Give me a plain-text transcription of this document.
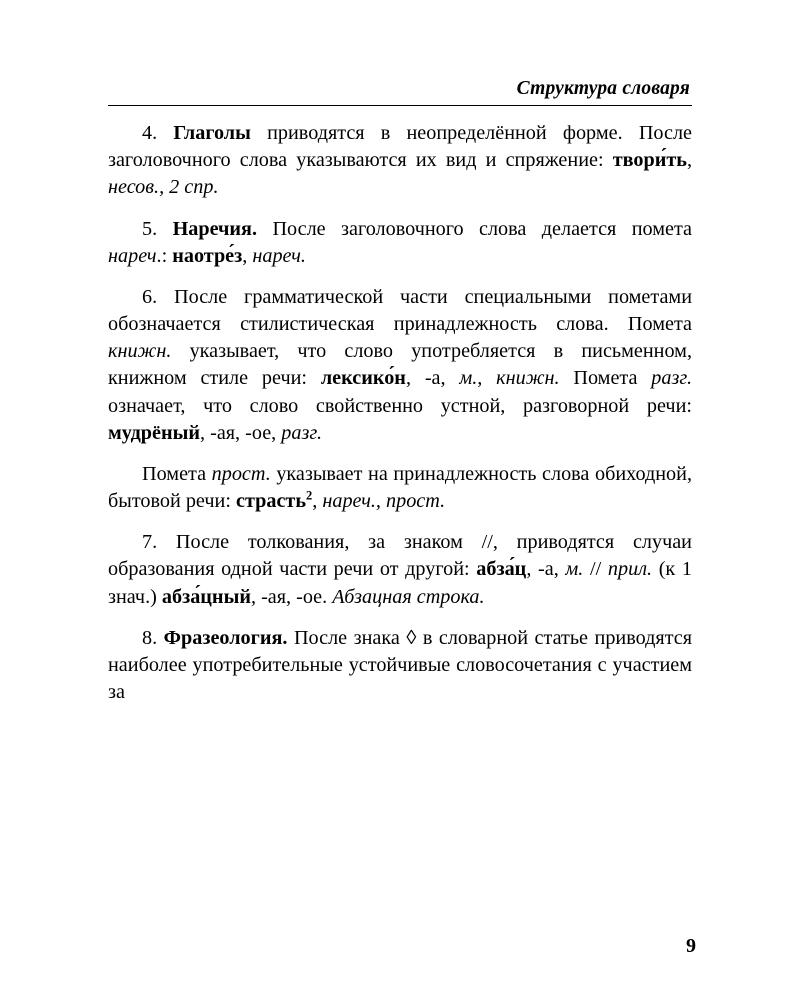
Структура словаря

4. Глаголы приводятся в неопределённой форме. После заголовочного слова указываются их вид и спряжение: твори́ть, несов., 2 спр.

5. Наречия. После заголовочного слова делается помета нареч.: наотре́з, нареч.

6. После грамматической части специальными пометами обозначается стилистическая принадлежность слова. Помета книжн. указывает, что слово употребляется в письменном, книжном стиле речи: лексико́н, -а, м., книжн. Помета разг. означает, что слово свойственно устной, разговорной речи: мудрёный, -ая, -ое, разг.

Помета прост. указывает на принадлежность слова обиходной, бытовой речи: страсть$^2$, нареч., прост.

7. После толкования, за знаком //, приводятся случаи образования одной части речи от другой: абза́ц, -а, м. // прил. (к 1 знач.) абза́цный, -ая, -ое. Абзацная строка.

8. Фразеология. После знака ◊ в словарной статье приводятся наиболее употребительные устойчивые словосочетания с участием за

9
